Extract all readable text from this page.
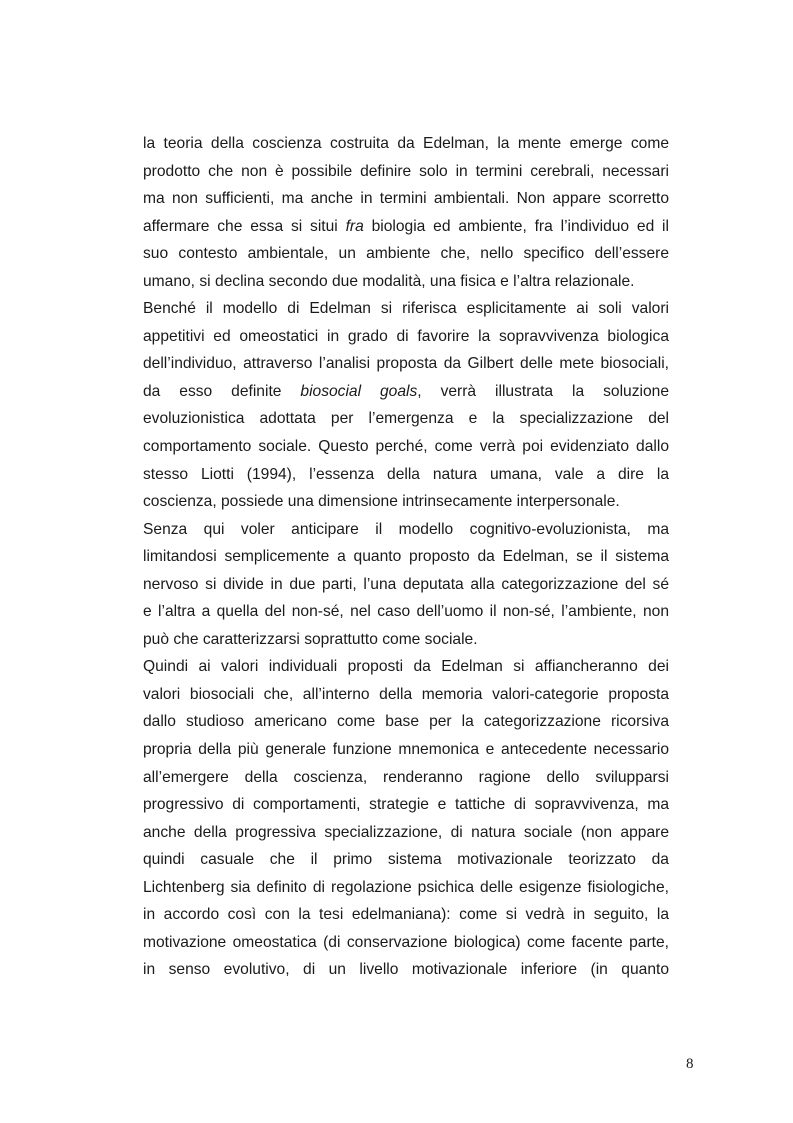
la teoria della coscienza costruita da Edelman, la mente emerge come
prodotto che non è possibile definire solo in termini cerebrali, necessari
ma non sufficienti, ma anche in termini ambientali. Non appare scorretto
affermare che essa si situi fra biologia ed ambiente, fra l’individuo ed il
suo contesto ambientale, un ambiente che, nello specifico dell’essere
umano, si declina secondo due modalità, una fisica e l’altra relazionale.
Benché il modello di Edelman si riferisca esplicitamente ai soli valori
appetitivi ed omeostatici in grado di favorire la sopravvivenza biologica
dell’individuo, attraverso l’analisi proposta da Gilbert delle mete biosociali,
da esso definite biosocial goals, verrà illustrata la soluzione
evoluzionistica adottata per l’emergenza e la specializzazione del
comportamento sociale. Questo perché, come verrà poi evidenziato dallo
stesso Liotti (1994), l’essenza della natura umana, vale a dire la
coscienza, possiede una dimensione intrinsecamente interpersonale.
Senza qui voler anticipare il modello cognitivo-evoluzionista, ma
limitandosi semplicemente a quanto proposto da Edelman, se il sistema
nervoso si divide in due parti, l’una deputata alla categorizzazione del sé
e l’altra a quella del non-sé, nel caso dell’uomo il non-sé, l’ambiente, non
può che caratterizzarsi soprattutto come sociale.
Quindi ai valori individuali proposti da Edelman si affiancheranno dei
valori biosociali che, all’interno della memoria valori-categorie proposta
dallo studioso americano come base per la categorizzazione ricorsiva
propria della più generale funzione mnemonica e antecedente necessario
all’emergere della coscienza, renderanno ragione dello svilupparsi
progressivo di comportamenti, strategie e tattiche di sopravvivenza, ma
anche della progressiva specializzazione, di natura sociale (non appare
quindi casuale che il primo sistema motivazionale teorizzato da
Lichtenberg sia definito di regolazione psichica delle esigenze fisiologiche,
in accordo così con la tesi edelmaniana): come si vedrà in seguito, la
motivazione omeostatica (di conservazione biologica) come facente parte,
in senso evolutivo, di un livello motivazionale inferiore (in quanto
8
